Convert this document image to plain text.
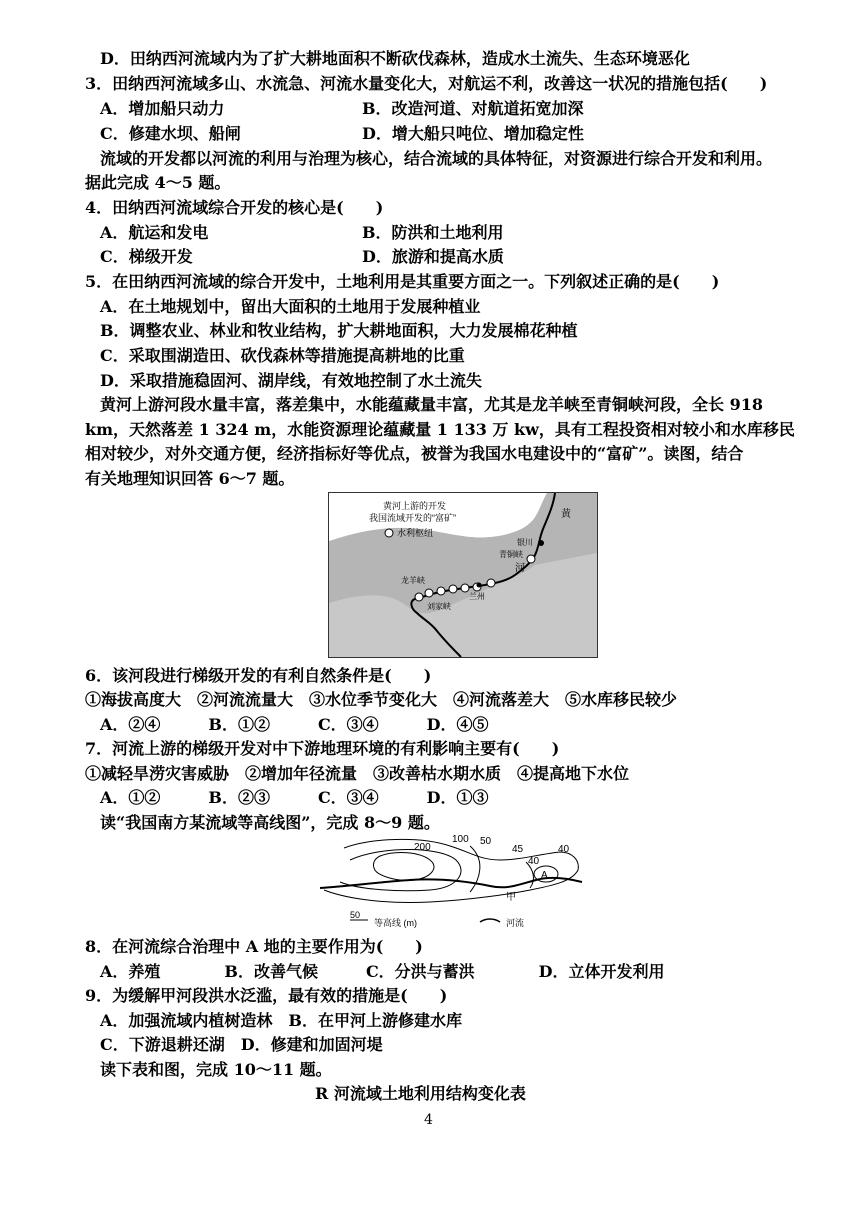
D．田纳西河流域内为了扩大耕地面积不断砍伐森林，造成水土流失、生态环境恶化
3．田纳西河流域多山、水流急、河流水量变化大，对航运不利，改善这一状况的措施包括(　　)
A．增加船只动力	B．改造河道、对航道拓宽加深
C．修建水坝、船闸	D．增大船只吨位、增加稳定性
流域的开发都以河流的利用与治理为核心，结合流域的具体特征，对资源进行综合开发和利用。
据此完成 4～5 题。
4．田纳西河流域综合开发的核心是(　　)
A．航运和发电	B．防洪和土地利用
C．梯级开发	D．旅游和提高水质
5．在田纳西河流域的综合开发中，土地利用是其重要方面之一。下列叙述正确的是(　　)
A．在土地规划中，留出大面积的土地用于发展种植业
B．调整农业、林业和牧业结构，扩大耕地面积，大力发展棉花种植
C．采取围湖造田、砍伐森林等措施提高耕地的比重
D．采取措施稳固河、湖岸线，有效地控制了水土流失
黄河上游河段水量丰富，落差集中，水能蕴藏量丰富，尤其是龙羊峡至青铜峡河段，全长 918
km，天然落差 1 324 m，水能资源理论蕴藏量 1 133 万 kw，具有工程投资相对较小和水库移民
相对较少，对外交通方便，经济指标好等优点，被誉为我国水电建设中的“富矿”。读图，结合
有关地理知识回答 6～7 题。
6．该河段进行梯级开发的有利自然条件是(　　)
①海拔高度大　②河流流量大　③水位季节变化大　④河流落差大　⑤水库移民较少
A．②④　　　B．①②　　　C．③④　　　D．④⑤
7．河流上游的梯级开发对中下游地理环境的有利影响主要有(　　)
①减轻旱涝灾害威胁　②增加年径流量　③改善枯水期水质　④提高地下水位
A．①②　　　B．②③　　　C．③④　　　D．①③
读“我国南方某流域等高线图”，完成 8～9 题。
8．在河流综合治理中 A 地的主要作用为(　　)
A．养殖　　　　B．改善气候　　　C．分洪与蓄洪　　　　D．立体开发利用
9．为缓解甲河段洪水泛滥，最有效的措施是(　　)
A．加强流域内植树造林　B．在甲河上游修建水库
C．下游退耕还湖　D．修建和加固河堤
读下表和图，完成 10～11 题。
R 河流域土地利用结构变化表
黄河上游的开发
我国流域开发的“富矿”
水利枢纽
黄
河
银川
青铜峡
龙羊峡
刘家峡
兰州
200
100 50
45
40
40
A
甲
50
等高线 (m)	河流
4
